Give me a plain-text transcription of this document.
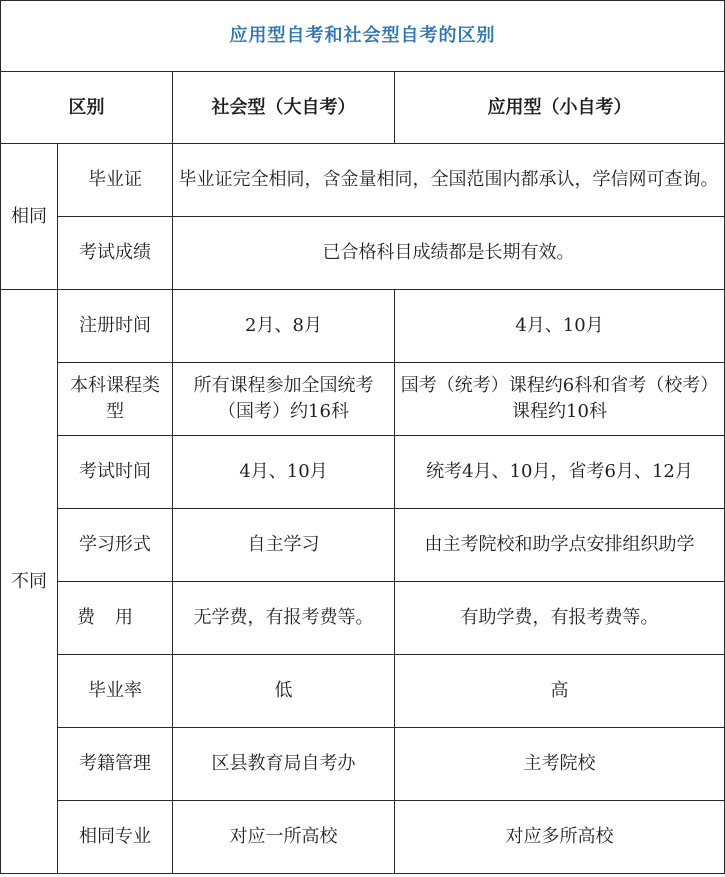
应用型自考和社会型自考的区别			
区别		社会型（大自考）	应用型（小自考）
相同	毕业证	毕业证完全相同，含金量相同，全国范围内都承认，学信网可查询。	
	考试成绩	已合格科目成绩都是长期有效。	
不同	注册时间	2月、8月	4月、10月
	本科课程类型	所有课程参加全国统考（国考）约16科	国考（统考）课程约6科和省考（校考）课程约10科
	考试时间	4月、10月	统考4月、10月，省考6月、12月
	学习形式	自主学习	由主考院校和助学点安排组织助学
	费用	无学费，有报考费等。	有助学费，有报考费等。
	毕业率	低	高
	考籍管理	区县教育局自考办	主考院校
	相同专业	对应一所高校	对应多所高校
